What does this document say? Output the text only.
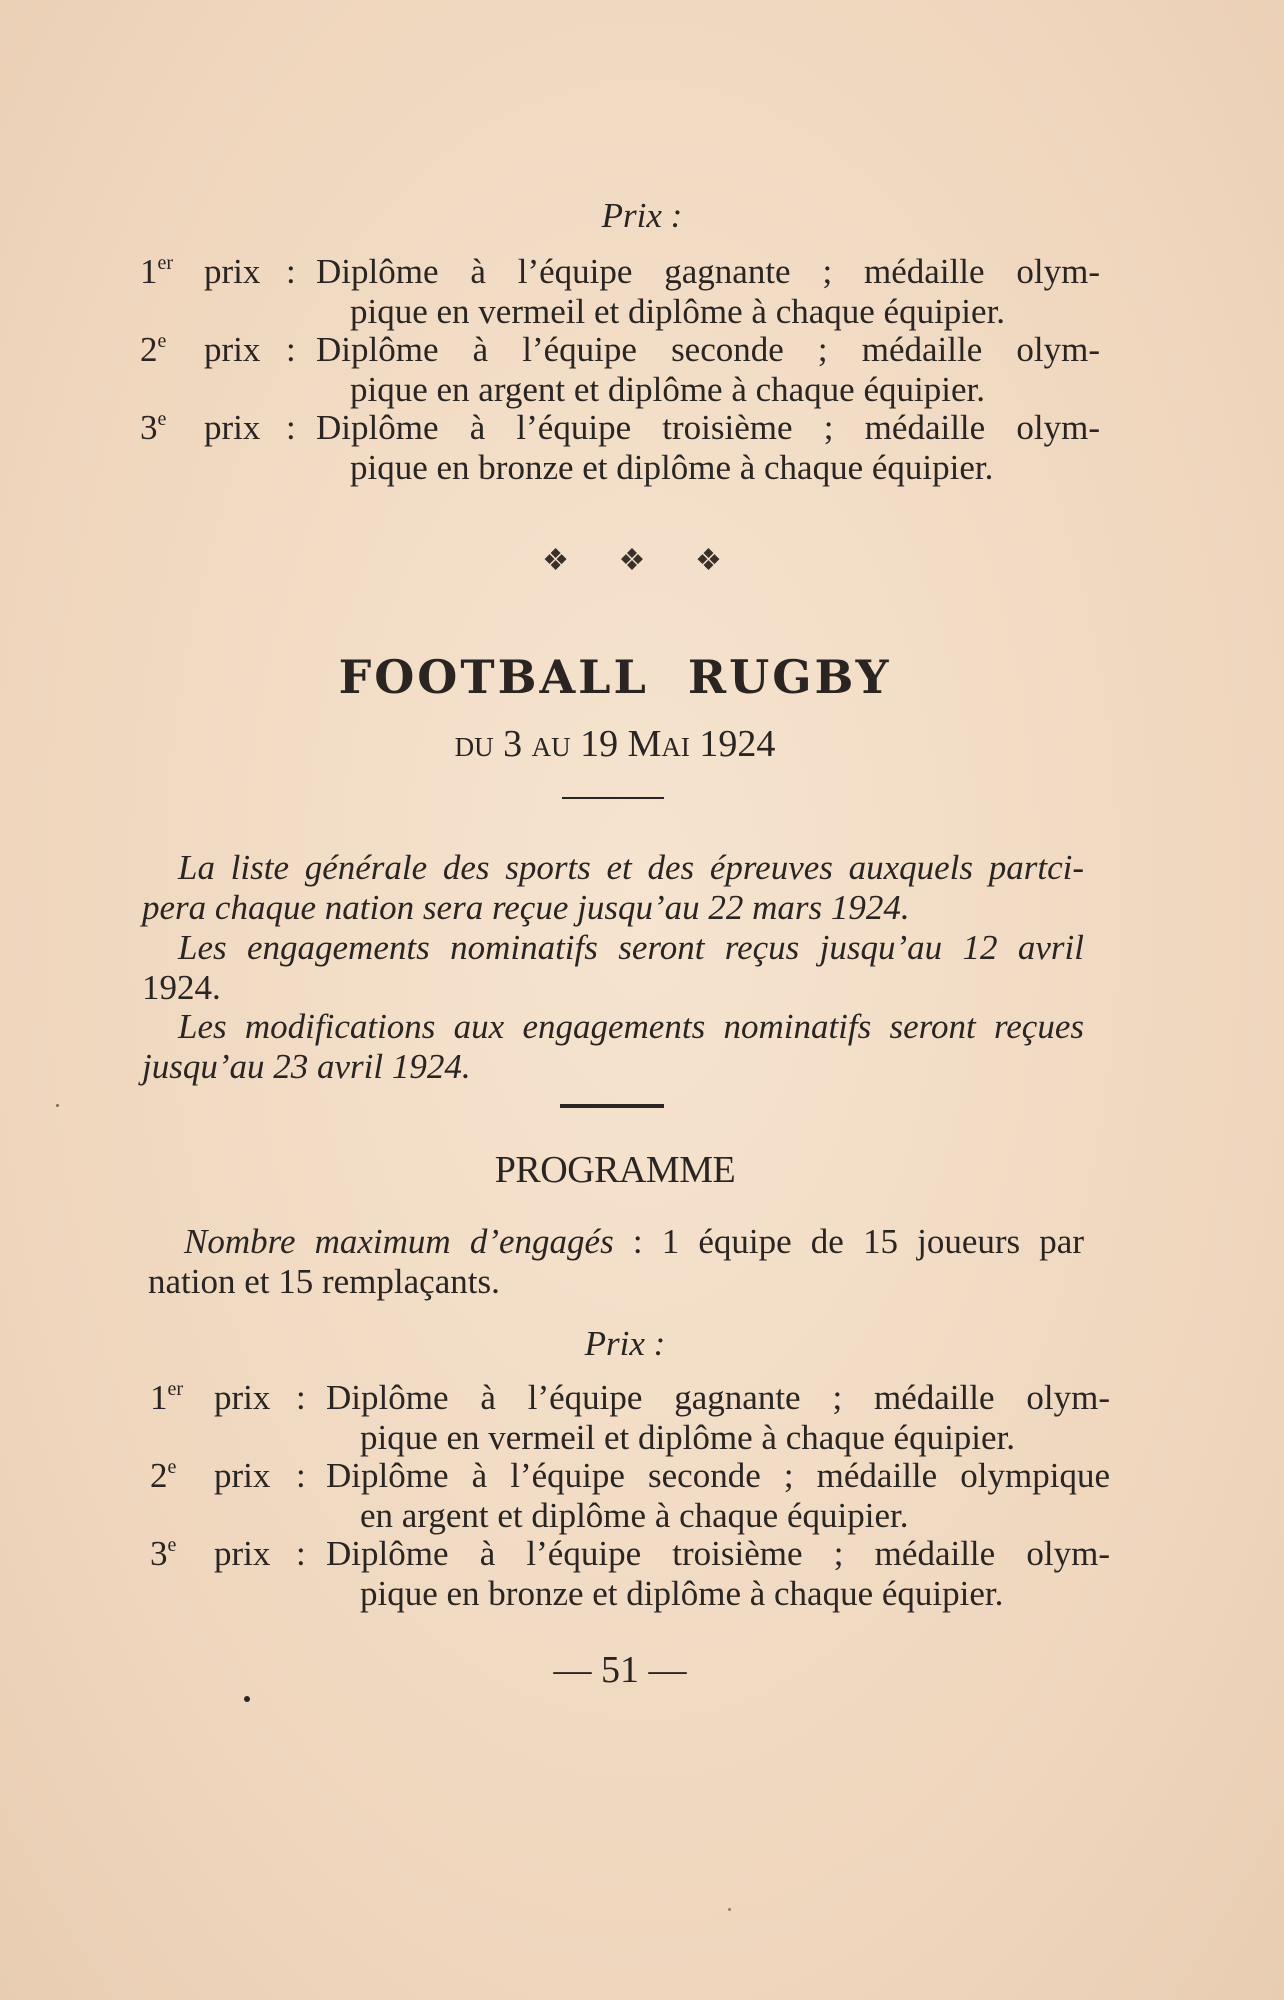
Prix :
1er prix : Diplôme à l’équipe gagnante ; médaille olym-
pique en vermeil et diplôme à chaque équipier.
2e prix : Diplôme à l’équipe seconde ; médaille olym-
pique en argent et diplôme à chaque équipier.
3e prix : Diplôme à l’équipe troisième ; médaille olym-
pique en bronze et diplôme à chaque équipier.
❖ ❖ ❖
FOOTBALL RUGBY
du 3 au 19 Mai 1924
La liste générale des sports et des épreuves auxquels partci-
pera chaque nation sera reçue jusqu’au 22 mars 1924.
Les engagements nominatifs seront reçus jusqu’au 12 avril
1924.
Les modifications aux engagements nominatifs seront reçues
jusqu’au 23 avril 1924.
PROGRAMME
Nombre maximum d’engagés : 1 équipe de 15 joueurs par
nation et 15 remplaçants.
Prix :
1er prix : Diplôme à l’équipe gagnante ; médaille olym-
pique en vermeil et diplôme à chaque équipier.
2e prix : Diplôme à l’équipe seconde ; médaille olympique
en argent et diplôme à chaque équipier.
3e prix : Diplôme à l’équipe troisième ; médaille olym-
pique en bronze et diplôme à chaque équipier.
— 51 —
